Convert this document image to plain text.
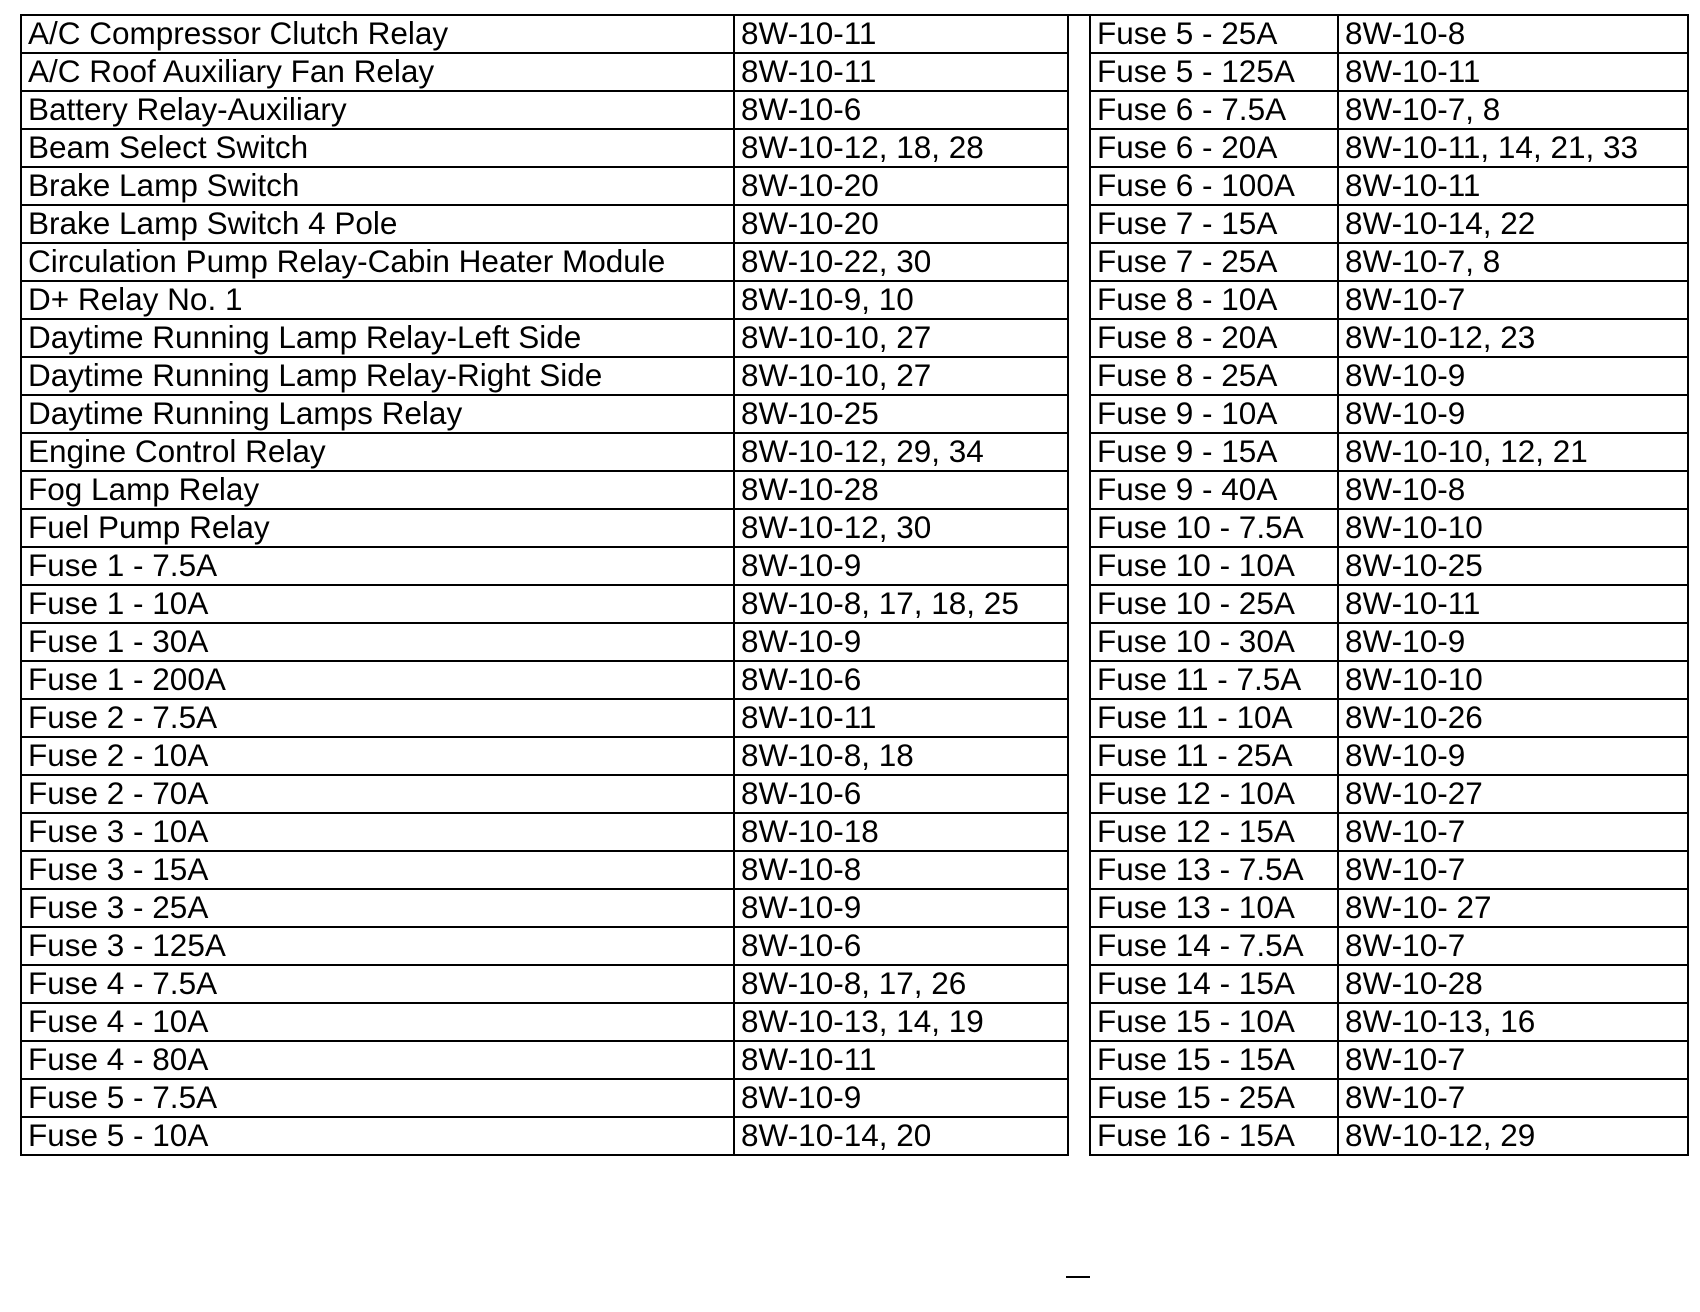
A/C Compressor Clutch Relay	8W-10-11
A/C Roof Auxiliary Fan Relay	8W-10-11
Battery Relay-Auxiliary	8W-10-6
Beam Select Switch	8W-10-12, 18, 28
Brake Lamp Switch	8W-10-20
Brake Lamp Switch 4 Pole	8W-10-20
Circulation Pump Relay-Cabin Heater Module	8W-10-22, 30
D+ Relay No. 1	8W-10-9, 10
Daytime Running Lamp Relay-Left Side	8W-10-10, 27
Daytime Running Lamp Relay-Right Side	8W-10-10, 27
Daytime Running Lamps Relay	8W-10-25
Engine Control Relay	8W-10-12, 29, 34
Fog Lamp Relay	8W-10-28
Fuel Pump Relay	8W-10-12, 30
Fuse 1 - 7.5A	8W-10-9
Fuse 1 - 10A	8W-10-8, 17, 18, 25
Fuse 1 - 30A	8W-10-9
Fuse 1 - 200A	8W-10-6
Fuse 2 - 7.5A	8W-10-11
Fuse 2 - 10A	8W-10-8, 18
Fuse 2 - 70A	8W-10-6
Fuse 3 - 10A	8W-10-18
Fuse 3 - 15A	8W-10-8
Fuse 3 - 25A	8W-10-9
Fuse 3 - 125A	8W-10-6
Fuse 4 - 7.5A	8W-10-8, 17, 26
Fuse 4 - 10A	8W-10-13, 14, 19
Fuse 4 - 80A	8W-10-11
Fuse 5 - 7.5A	8W-10-9
Fuse 5 - 10A	8W-10-14, 20
Fuse 5 - 25A	8W-10-8
Fuse 5 - 125A	8W-10-11
Fuse 6 - 7.5A	8W-10-7, 8
Fuse 6 - 20A	8W-10-11, 14, 21, 33
Fuse 6 - 100A	8W-10-11
Fuse 7 - 15A	8W-10-14, 22
Fuse 7 - 25A	8W-10-7, 8
Fuse 8 - 10A	8W-10-7
Fuse 8 - 20A	8W-10-12, 23
Fuse 8 - 25A	8W-10-9
Fuse 9 - 10A	8W-10-9
Fuse 9 - 15A	8W-10-10, 12, 21
Fuse 9 - 40A	8W-10-8
Fuse 10 - 7.5A	8W-10-10
Fuse 10 - 10A	8W-10-25
Fuse 10 - 25A	8W-10-11
Fuse 10 - 30A	8W-10-9
Fuse 11 - 7.5A	8W-10-10
Fuse 11 - 10A	8W-10-26
Fuse 11 - 25A	8W-10-9
Fuse 12 - 10A	8W-10-27
Fuse 12 - 15A	8W-10-7
Fuse 13 - 7.5A	8W-10-7
Fuse 13 - 10A	8W-10- 27
Fuse 14 - 7.5A	8W-10-7
Fuse 14 - 15A	8W-10-28
Fuse 15 - 10A	8W-10-13, 16
Fuse 15 - 15A	8W-10-7
Fuse 15 - 25A	8W-10-7
Fuse 16 - 15A	8W-10-12, 29
